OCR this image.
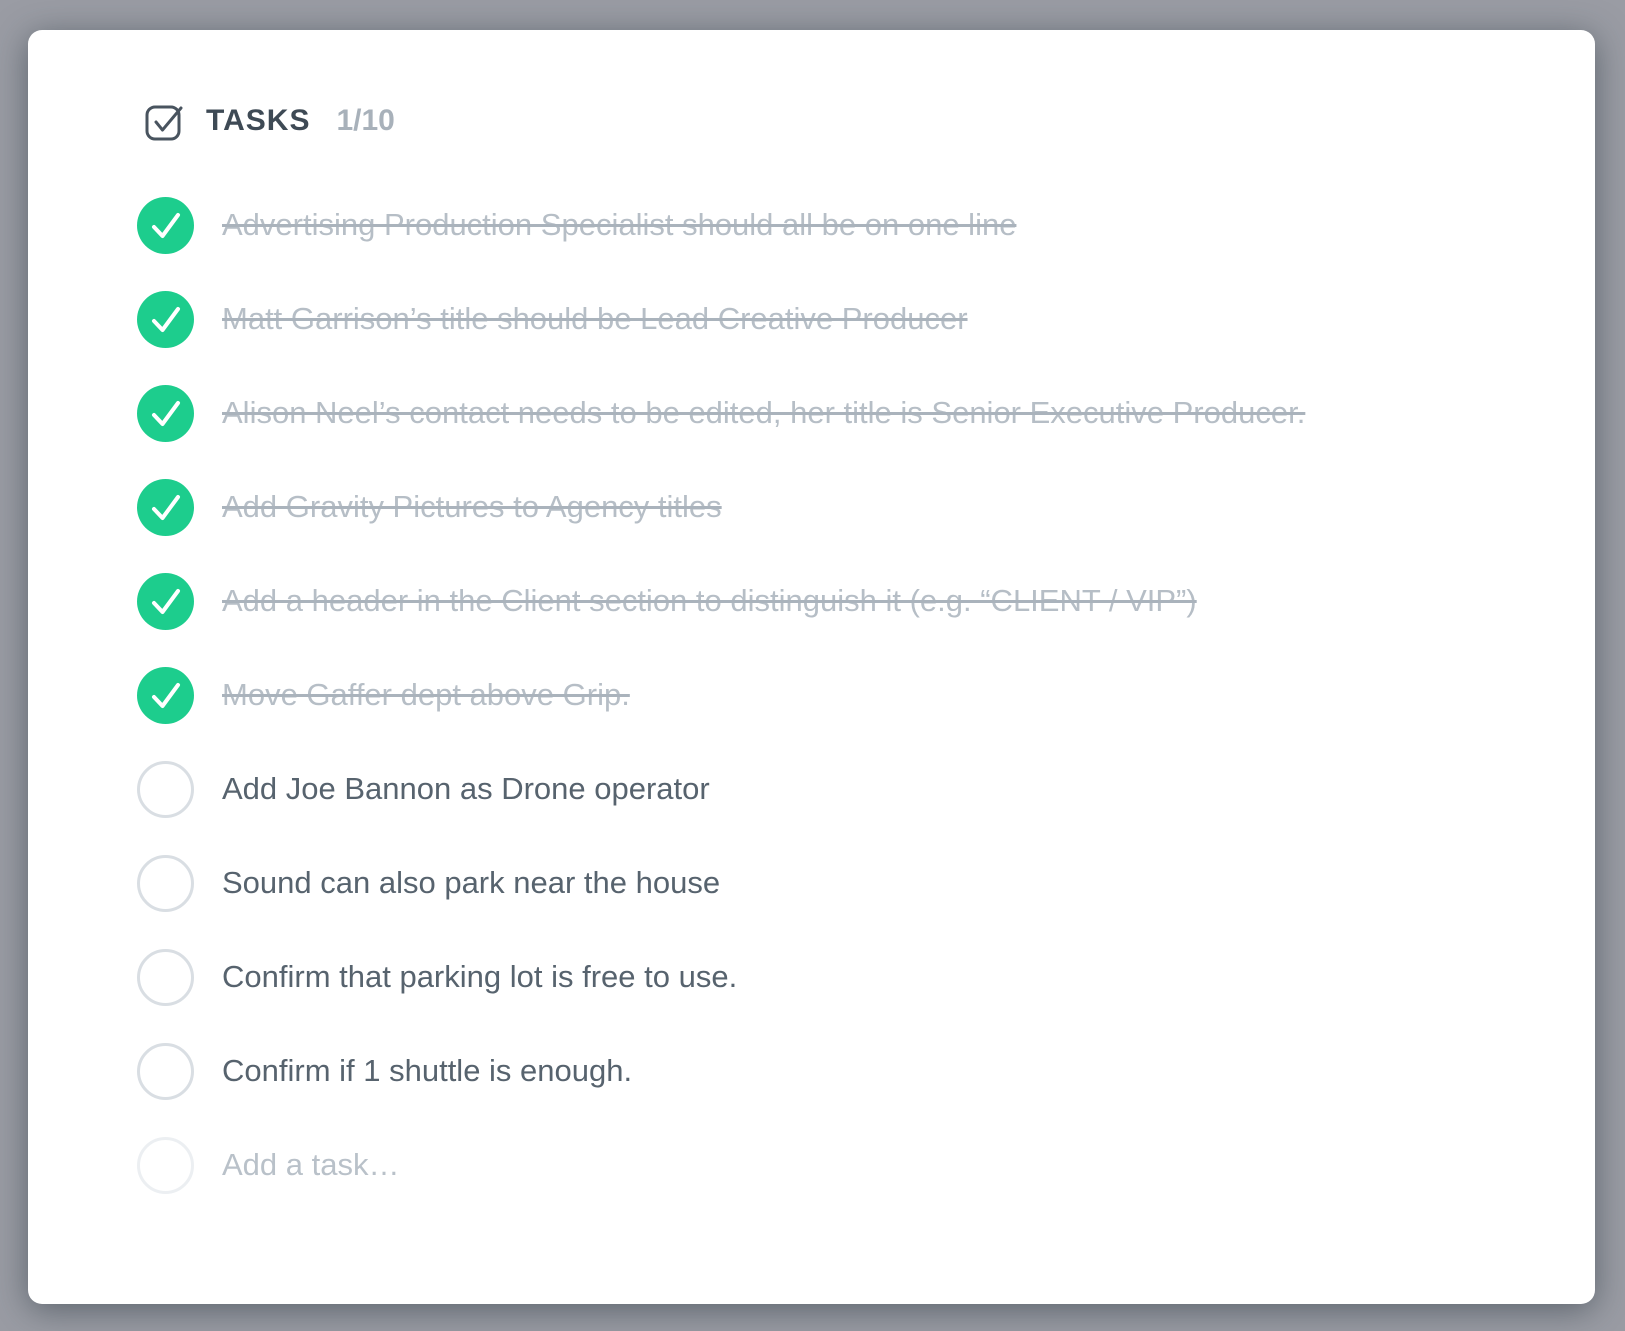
TASKS 1/10
Advertising Production Specialist should all be on one line
Matt Garrison’s title should be Lead Creative Producer
Alison Neel’s contact needs to be edited, her title is Senior Executive Producer.
Add Gravity Pictures to Agency titles
Add a header in the Client section to distinguish it (e.g. “CLIENT / VIP”)
Move Gaffer dept above Grip.
Add Joe Bannon as Drone operator
Sound can also park near the house
Confirm that parking lot is free to use.
Confirm if 1 shuttle is enough.
Add a task…
